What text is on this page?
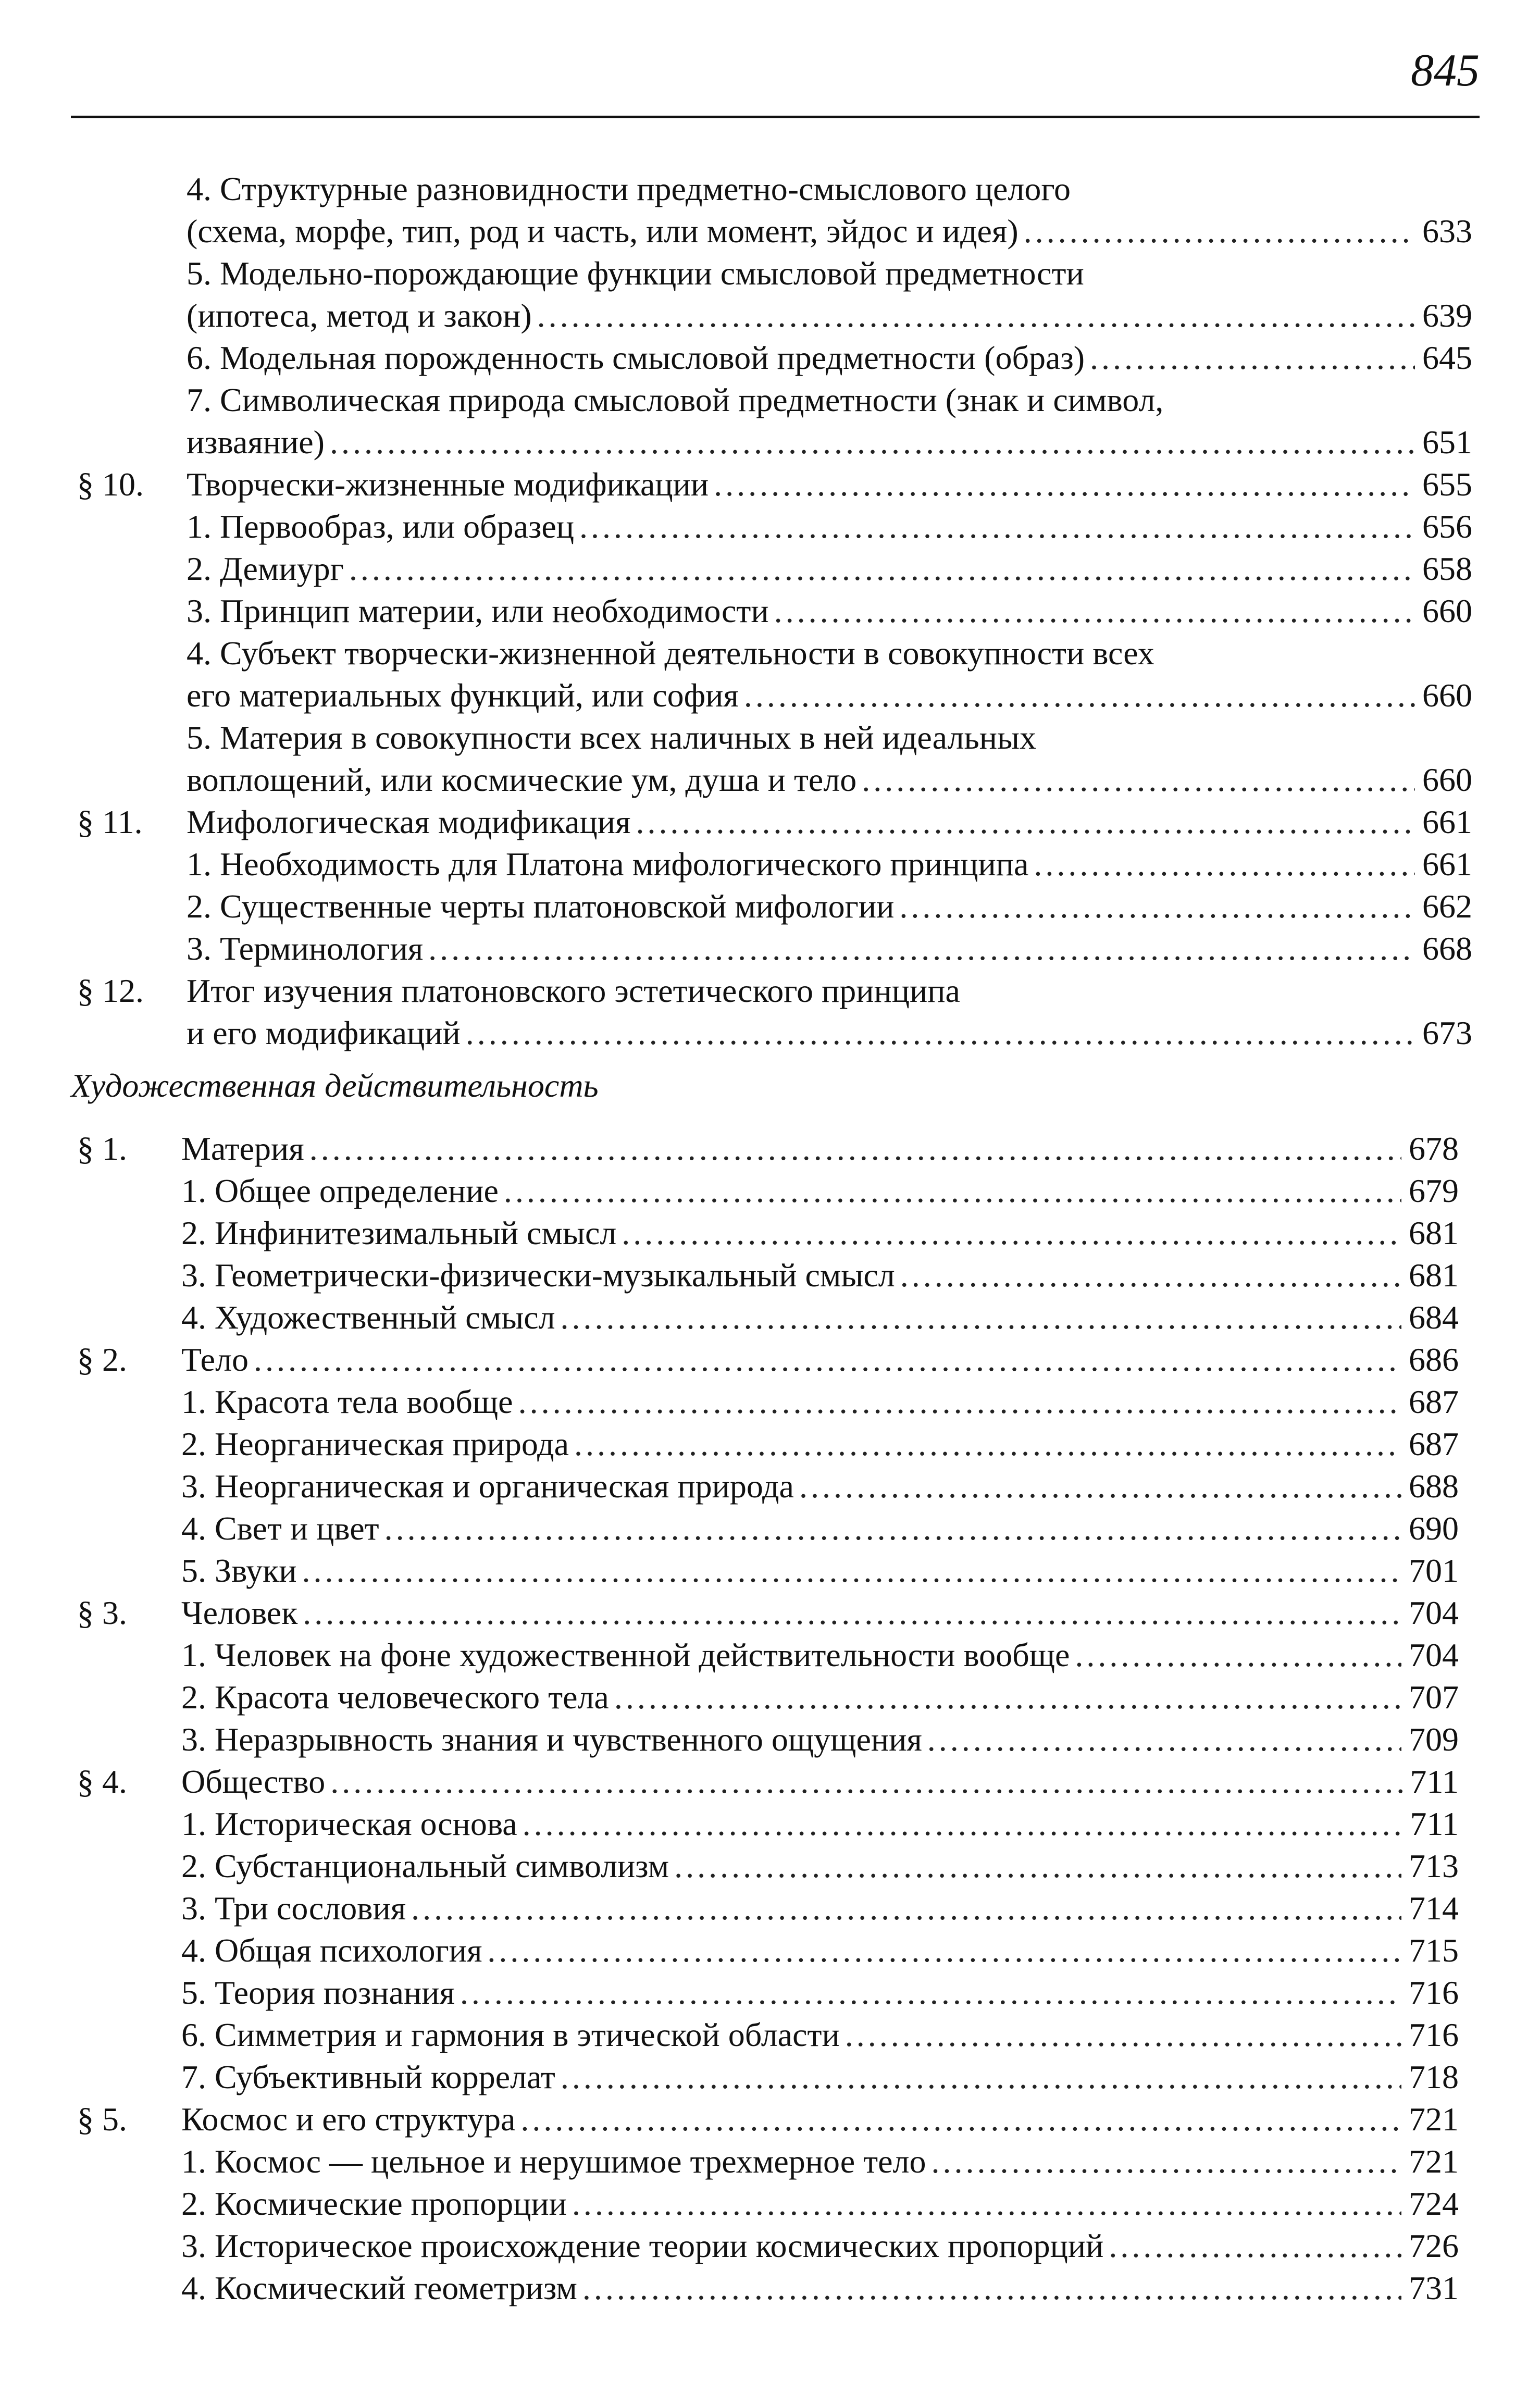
845
4. Структурные разновидности предметно-смыслового целого
(схема, морфе, тип, род и часть, или момент, эйдос и идея) .....	633
5. Модельно-порождающие функции смысловой предметности
(ипотеса, метод и закон) .....	639
6. Модельная порожденность смысловой предметности (образ) .....	645
7. Символическая природа смысловой предметности (знак и символ,
изваяние) .....	651
§ 10. Творчески-жизненные модификации .....	655
1. Первообраз, или образец .....	656
2. Демиург .....	658
3. Принцип материи, или необходимости .....	660
4. Субъект творчески-жизненной деятельности в совокупности всех
его материальных функций, или софия .....	660
5. Материя в совокупности всех наличных в ней идеальных
воплощений, или космические ум, душа и тело .....	660
§ 11. Мифологическая модификация .....	661
1. Необходимость для Платона мифологического принципа .....	661
2. Существенные черты платоновской мифологии .....	662
3. Терминология .....	668
§ 12. Итог изучения платоновского эстетического принципа
и его модификаций .....	673
Художественная действительность
§ 1. Материя .....	678
1. Общее определение .....	679
2. Инфинитезимальный смысл .....	681
3. Геометрически-физически-музыкальный смысл .....	681
4. Художественный смысл .....	684
§ 2. Тело .....	686
1. Красота тела вообще .....	687
2. Неорганическая природа .....	687
3. Неорганическая и органическая природа .....	688
4. Свет и цвет .....	690
5. Звуки .....	701
§ 3. Человек .....	704
1. Человек на фоне художественной действительности вообще .....	704
2. Красота человеческого тела .....	707
3. Неразрывность знания и чувственного ощущения .....	709
§ 4. Общество .....	711
1. Историческая основа .....	711
2. Субстанциональный символизм .....	713
3. Три сословия .....	714
4. Общая психология .....	715
5. Теория познания .....	716
6. Симметрия и гармония в этической области .....	716
7. Субъективный коррелат .....	718
§ 5. Космос и его структура .....	721
1. Космос — цельное и нерушимое трехмерное тело .....	721
2. Космические пропорции .....	724
3. Историческое происхождение теории космических пропорций .....	726
4. Космический геометризм .....	731
